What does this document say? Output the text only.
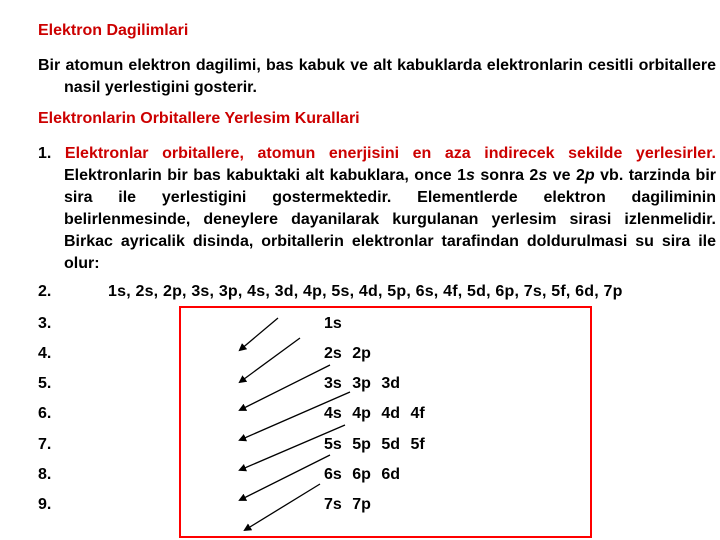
Elektron Dagilimlari
Bir atomun elektron dagilimi, bas kabuk ve alt kabuklarda elektronlarin cesitli orbitallere nasil yerlestigini gosterir.
Elektronlarin Orbitallere Yerlesim Kurallari
1. Elektronlar orbitallere, atomun enerjisini en aza indirecek sekilde yerlesirler. Elektronlarin bir bas kabuktaki alt kabuklara, once 1s sonra 2s ve 2p vb. tarzinda bir sira ile yerlestigini gostermektedir. Elementlerde elektron dagiliminin belirlenmesinde, deneylere dayanilarak kurgulanan yerlesim sirasi izlenmelidir. Birkac ayricalik disinda, orbitallerin elektronlar tarafindan doldurulmasi su sira ile olur:
2.
3.
4.
5.
6.
7.
8.
9.
1s, 2s, 2p, 3s, 3p, 4s, 3d, 4p, 5s, 4d, 5p, 6s, 4f, 5d, 6p, 7s, 5f, 6d, 7p
1s
2s 2p
3s 3p 3d
4s 4p 4d 4f
5s 5p 5d 5f
6s 6p 6d
7s 7p
